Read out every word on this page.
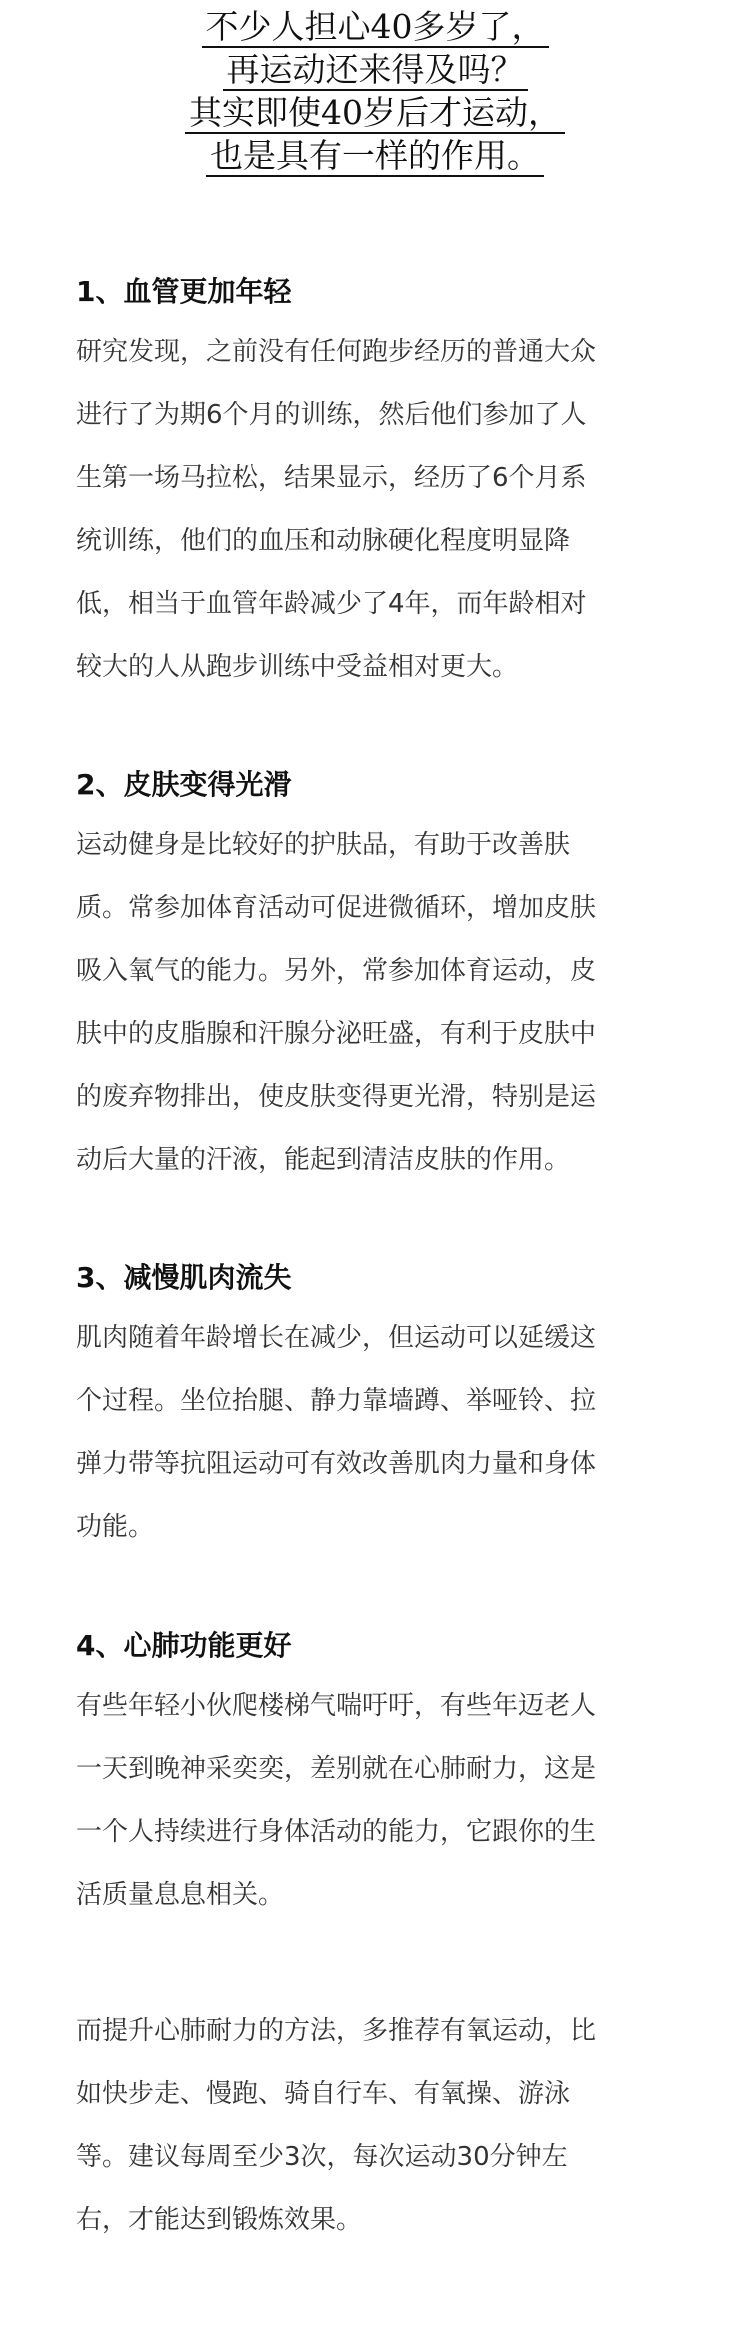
不少人担心40多岁了，
再运动还来得及吗？
其实即使40岁后才运动，
也是具有一样的作用。
1、血管更加年轻
研究发现，之前没有任何跑步经历的普通大众
进行了为期6个月的训练，然后他们参加了人
生第一场马拉松，结果显示，经历了6个月系
统训练，他们的血压和动脉硬化程度明显降
低，相当于血管年龄减少了4年，而年龄相对
较大的人从跑步训练中受益相对更大。
2、皮肤变得光滑
运动健身是比较好的护肤品，有助于改善肤
质。常参加体育活动可促进微循环，增加皮肤
吸入氧气的能力。另外，常参加体育运动，皮
肤中的皮脂腺和汗腺分泌旺盛，有利于皮肤中
的废弃物排出，使皮肤变得更光滑，特别是运
动后大量的汗液，能起到清洁皮肤的作用。
3、减慢肌肉流失
肌肉随着年龄增长在减少，但运动可以延缓这
个过程。坐位抬腿、静力靠墙蹲、举哑铃、拉
弹力带等抗阻运动可有效改善肌肉力量和身体
功能。
4、心肺功能更好
有些年轻小伙爬楼梯气喘吁吁，有些年迈老人
一天到晚神采奕奕，差别就在心肺耐力，这是
一个人持续进行身体活动的能力，它跟你的生
活质量息息相关。
而提升心肺耐力的方法，多推荐有氧运动，比
如快步走、慢跑、骑自行车、有氧操、游泳
等。建议每周至少3次，每次运动30分钟左
右，才能达到锻炼效果。
